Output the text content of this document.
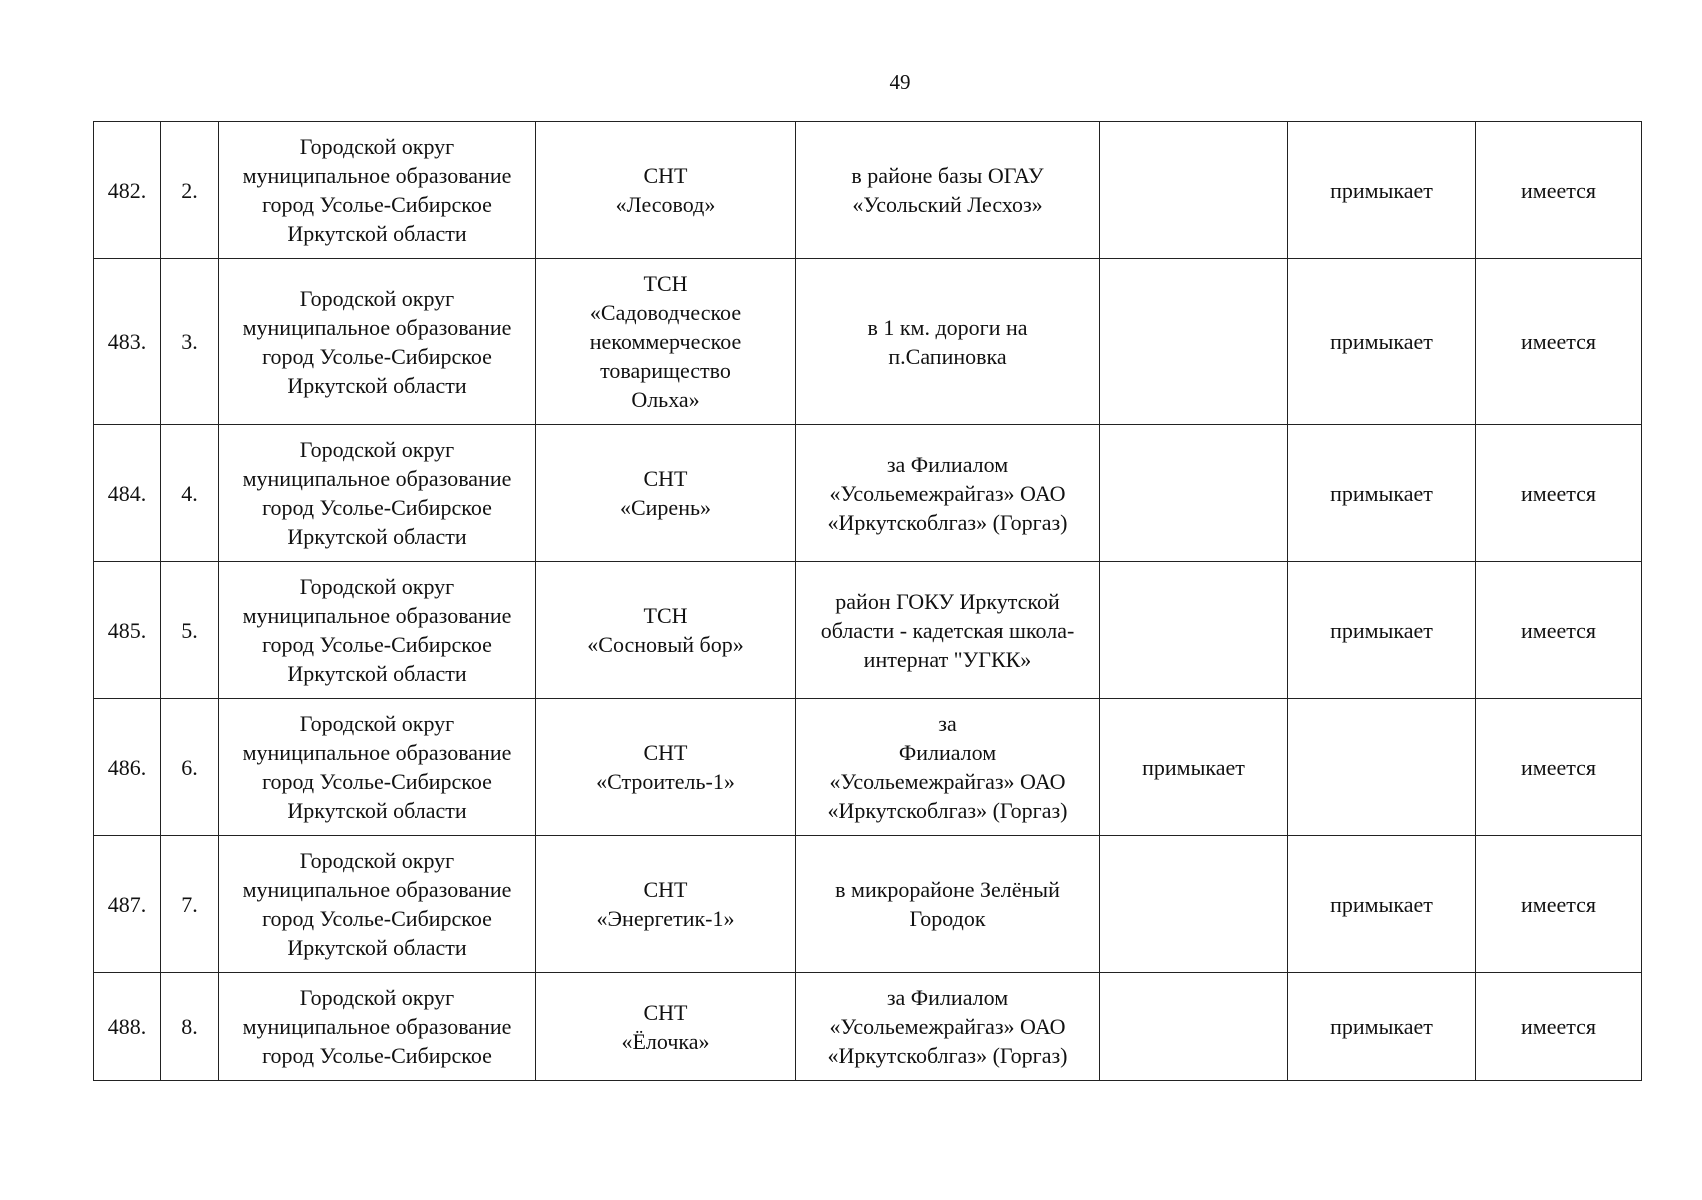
49
482.	2.	Городской округ
муниципальное образование
город Усолье-Сибирское
Иркутской области	СНТ
«Лесовод»	в районе базы ОГАУ
«Усольский Лесхоз»		примыкает	имеется
483.	3.	Городской округ
муниципальное образование
город Усолье-Сибирское
Иркутской области	ТСН
«Садоводческое
некоммерческое
товарищество
Ольха»	в 1 км. дороги на
п.Сапиновка		примыкает	имеется
484.	4.	Городской округ
муниципальное образование
город Усолье-Сибирское
Иркутской области	СНТ
«Сирень»	за Филиалом
«Усольемежрайгаз» ОАО
«Иркутскоблгаз» (Горгаз)		примыкает	имеется
485.	5.	Городской округ
муниципальное образование
город Усолье-Сибирское
Иркутской области	ТСН
«Сосновый бор»	район ГОКУ Иркутской
области - кадетская школа-
интернат "УГКК»		примыкает	имеется
486.	6.	Городской округ
муниципальное образование
город Усолье-Сибирское
Иркутской области	СНТ
«Строитель-1»	за
Филиалом
«Усольемежрайгаз» ОАО
«Иркутскоблгаз» (Горгаз)	примыкает		имеется
487.	7.	Городской округ
муниципальное образование
город Усолье-Сибирское
Иркутской области	СНТ
«Энергетик-1»	в микрорайоне Зелёный
Городок		примыкает	имеется
488.	8.	Городской округ
муниципальное образование
город Усолье-Сибирское	СНТ
«Ёлочка»	за Филиалом
«Усольемежрайгаз» ОАО
«Иркутскоблгаз» (Горгаз)		примыкает	имеется
